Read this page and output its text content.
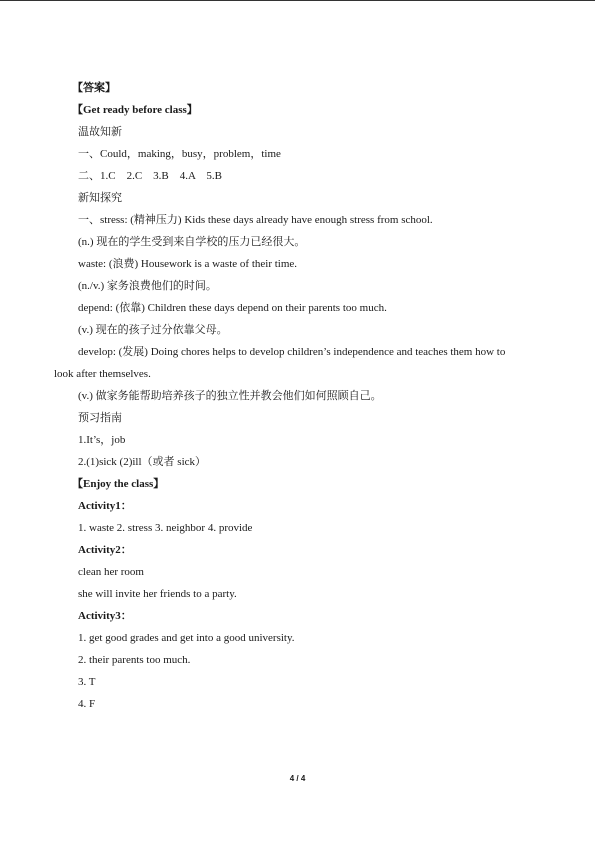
【答案】
【Get ready before class】
温故知新
一、Could，making，busy，problem，time
二、1.C　2.C　3.B　4.A　5.B
新知探究
一、stress: (精神压力) Kids these days already have enough stress from school.
(n.) 现在的学生受到来自学校的压力已经很大。
waste: (浪费) Housework is a waste of their time.
(n./v.) 家务浪费他们的时间。
depend: (依靠) Children these days depend on their parents too much.
(v.) 现在的孩子过分依靠父母。
develop: (发展) Doing chores helps to develop children’s independence and teaches them how to
look after themselves.
(v.) 做家务能帮助培养孩子的独立性并教会他们如何照顾自己。
预习指南
1.It’s，job
2.(1)sick (2)ill（或者 sick）
【Enjoy the class】
Activity1：
1. waste 2. stress 3. neighbor 4. provide
Activity2：
clean her room
she will invite her friends to a party.
Activity3：
1. get good grades and get into a good university.
2. their parents too much.
3. T
4. F
4 / 4
